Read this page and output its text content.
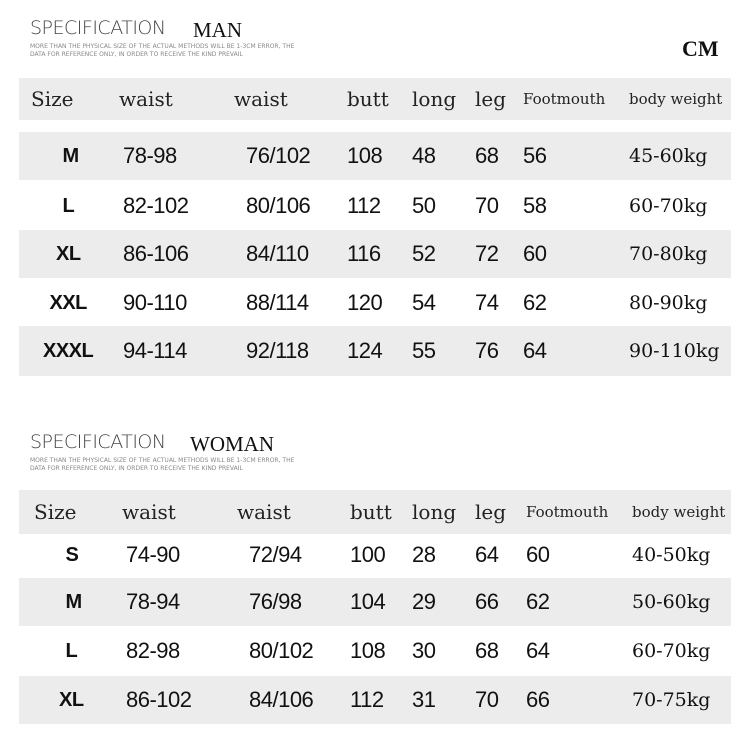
SPECIFICATION MAN
MORE THAN THE PHYSICAL SIZE OF THE ACTUAL METHODS WILL BE 1-3CM ERROR, THE DATA FOR REFERENCE ONLY, IN ORDER TO RECEIVE THE KIND PREVAIL	CM
Size waist	waist	butt long leg Footmouth body weight
M 78-98	76/102 108 48 68 56	45-60kg
L 82-102	80/106 112 50 70 58	60-70kg
XL 86-106	84/110 116 52 72 60	70-80kg
XXL 90-110	88/114 120 54 74 62	80-90kg
XXXL 94-114	92/118 124 55 76 64	90-110kg
SPECIFICATION WOMAN
MORE THAN THE PHYSICAL SIZE OF THE ACTUAL METHODS WILL BE 1-3CM ERROR, THE DATA FOR REFERENCE ONLY, IN ORDER TO RECEIVE THE KIND PREVAIL
Size waist	waist	butt long leg Footmouth body weight
S 74-90	72/94 100 28 64 60	40-50kg
M 78-94	76/98 104 29 66 62	50-60kg
L 82-98	80/102 108 30 68 64	60-70kg
XL 86-102	84/106 112 31 70 66	70-75kg
